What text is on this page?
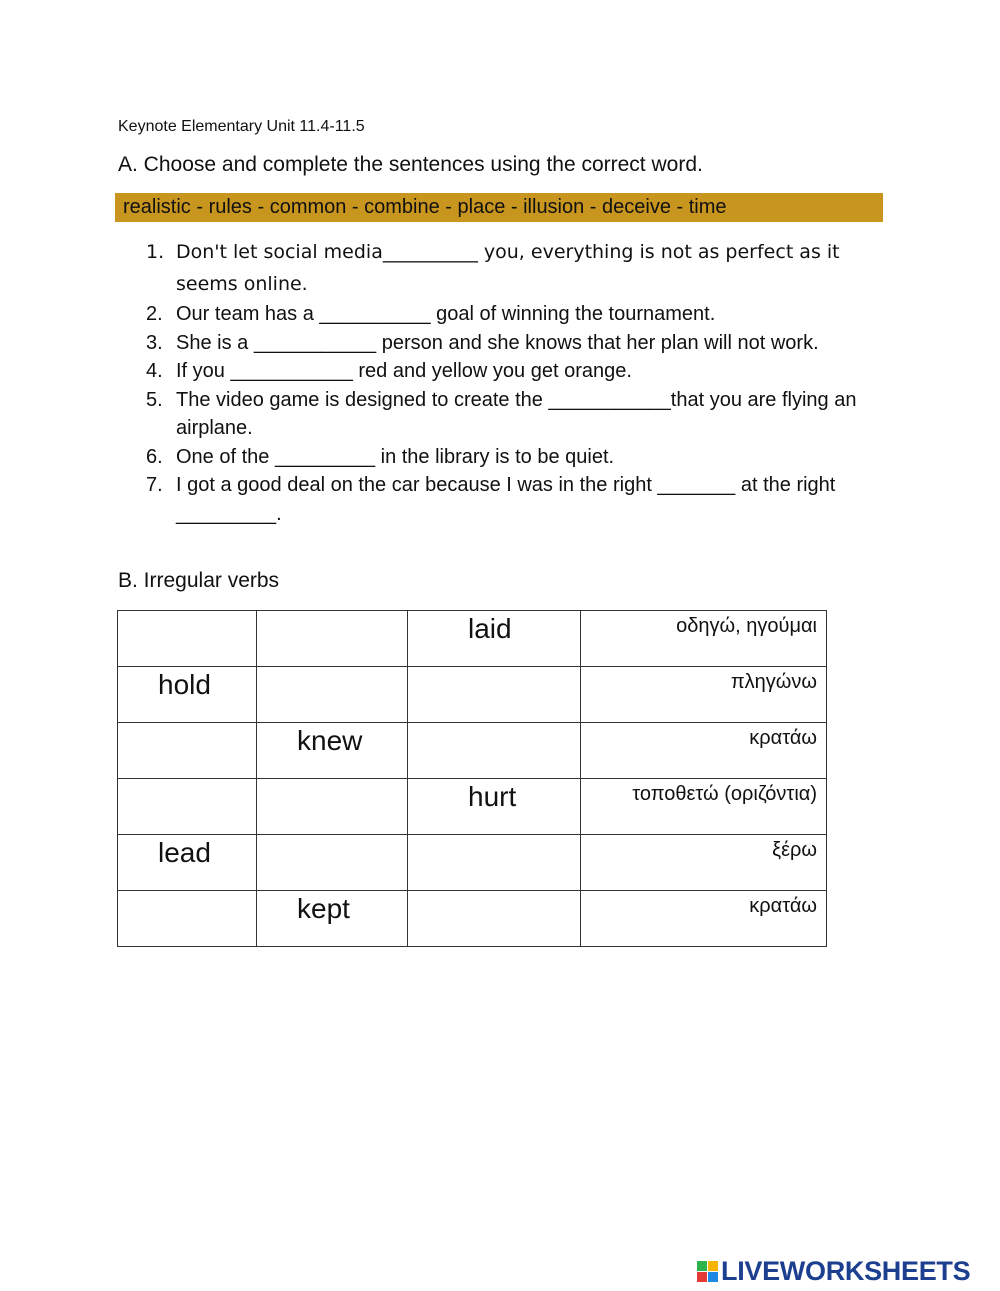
Keynote Elementary Unit 11.4-11.5
A. Choose and complete the sentences using the correct word.
realistic - rules - common - combine - place - illusion - deceive - time
1. Don't let social media__________ you, everything is not as perfect as it seems online.
2. Our team has a __________ goal of winning the tournament.
3. She is a ___________ person and she knows that her plan will not work.
4. If you ___________ red and yellow you get orange.
5. The video game is designed to create the ___________that you are flying an airplane.
6. One of the _________ in the library is to be quiet.
7. I got a good deal on the car because I was in the right _______ at the right _________.
B. Irregular verbs

		laid	οδηγώ, ηγούμαι

hold			πληγώνω

	knew		κρατάω

		hurt	τοποθετώ (οριζόντια)

lead			ξέρω

	kept		κρατάω
LIVEWORKSHEETS
